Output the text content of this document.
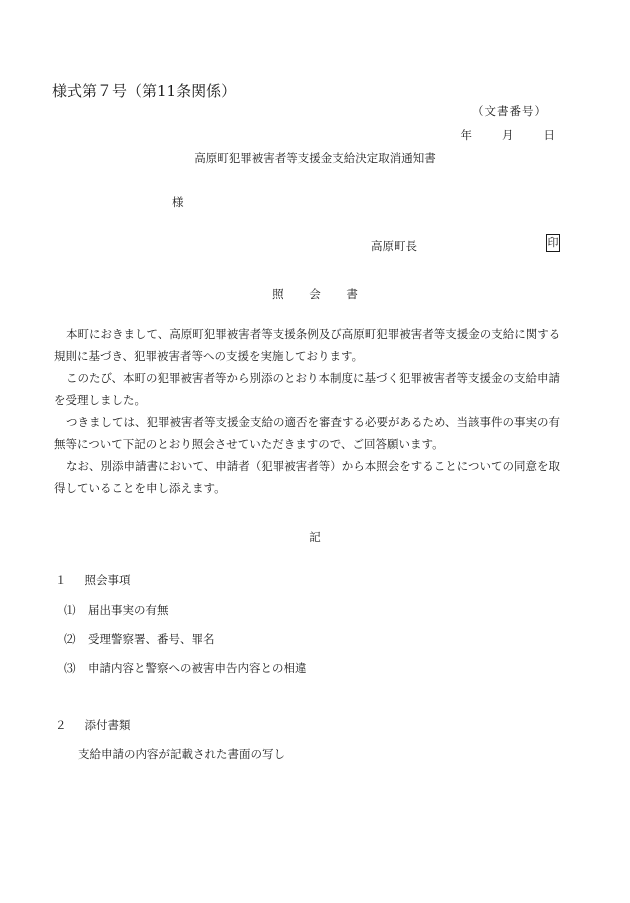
様式第７号（第11条関係）
（文書番号）
年	月	日
高原町犯罪被害者等支援金支給決定取消通知書
様
高原町長	印
照 会 書

本町におきまして、高原町犯罪被害者等支援条例及び高原町犯罪被害者等支援金の支給に関する

規則に基づき、犯罪被害者等への支援を実施しております。

このたび、本町の犯罪被害者等から別添のとおり本制度に基づく犯罪被害者等支援金の支給申請

を受理しました。

つきましては、犯罪被害者等支援金支給の適否を審査する必要があるため、当該事件の事実の有

無等について下記のとおり照会させていただきますので、ご回答願います。

なお、別添申請書において、申請者（犯罪被害者等）から本照会をすることについての同意を取

得していることを申し添えます。

記
１ 照会事項
⑴ 届出事実の有無
⑵ 受理警察署、番号、罪名
⑶ 申請内容と警察への被害申告内容との相違
２ 添付書類
支給申請の内容が記載された書面の写し
